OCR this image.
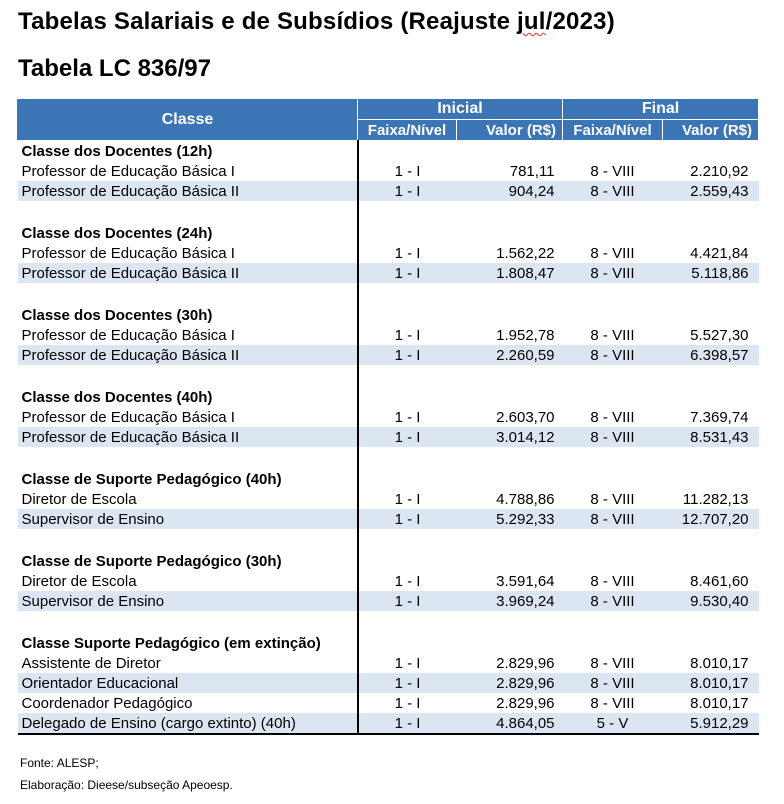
Tabelas Salariais e de Subsídios (Reajuste jul/2023)
Tabela LC 836/97
Classe	Inicial		Final	
	Faixa/Nível	Valor (R$)	Faixa/Nível	Valor (R$)
Classe dos Docentes (12h)				
Professor de Educação Básica I	1 - I	781,11	8 - VIII	2.210,92
Professor de Educação Básica II	1 - I	904,24	8 - VIII	2.559,43

Classe dos Docentes (24h)				
Professor de Educação Básica I	1 - I	1.562,22	8 - VIII	4.421,84
Professor de Educação Básica II	1 - I	1.808,47	8 - VIII	5.118,86

Classe dos Docentes (30h)				
Professor de Educação Básica I	1 - I	1.952,78	8 - VIII	5.527,30
Professor de Educação Básica II	1 - I	2.260,59	8 - VIII	6.398,57

Classe dos Docentes (40h)				
Professor de Educação Básica I	1 - I	2.603,70	8 - VIII	7.369,74
Professor de Educação Básica II	1 - I	3.014,12	8 - VIII	8.531,43

Classe de Suporte Pedagógico (40h)				
Diretor de Escola	1 - I	4.788,86	8 - VIII	11.282,13
Supervisor de Ensino	1 - I	5.292,33	8 - VIII	12.707,20

Classe de Suporte Pedagógico (30h)				
Diretor de Escola	1 - I	3.591,64	8 - VIII	8.461,60
Supervisor de Ensino	1 - I	3.969,24	8 - VIII	9.530,40

Classe Suporte Pedagógico (em extinção)				
Assistente de Diretor	1 - I	2.829,96	8 - VIII	8.010,17
Orientador Educacional	1 - I	2.829,96	8 - VIII	8.010,17
Coordenador Pedagógico	1 - I	2.829,96	8 - VIII	8.010,17
Delegado de Ensino (cargo extinto) (40h)	1 - I	4.864,05	5 - V	5.912,29
Fonte: ALESP;
Elaboração: Dieese/subseção Apeoesp.
